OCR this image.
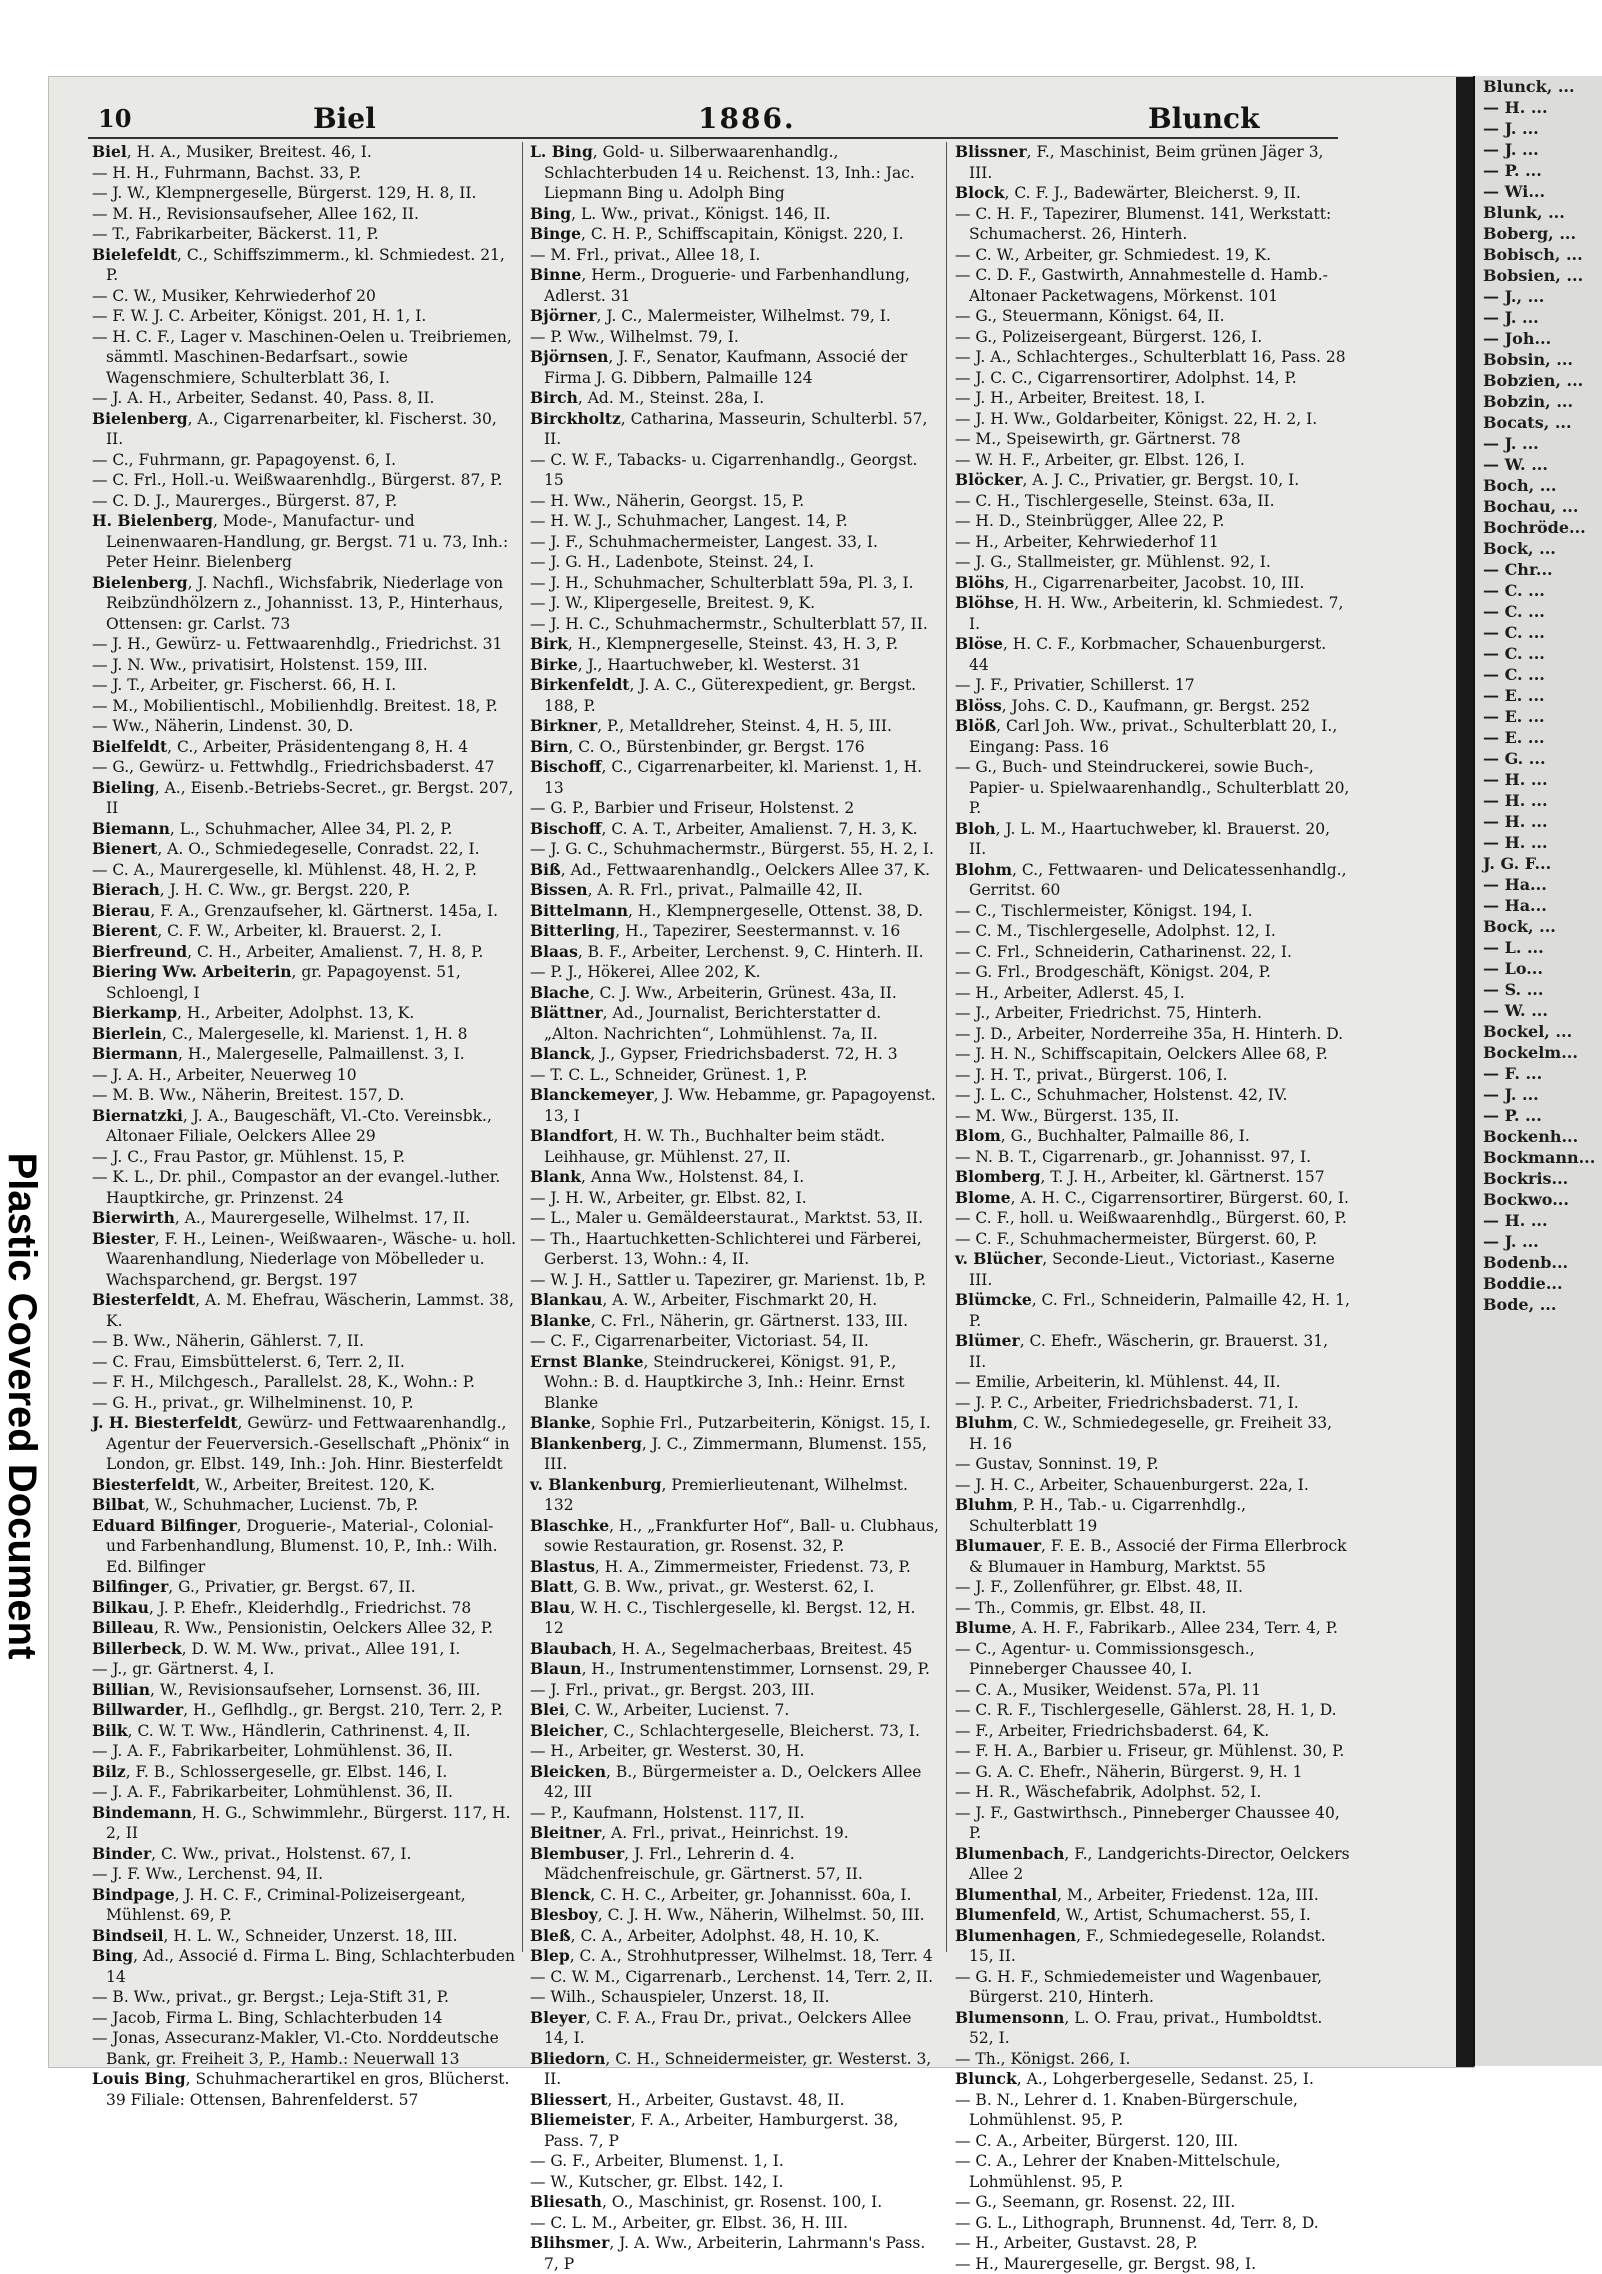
Plastic Covered Document
10	Biel	1886.	Blunck

Biel, H. A., Musiker, Breitest. 46, I.

— H. H., Fuhrmann, Bachst. 33, P.

— J. W., Klempnergeselle, Bürgerst. 129, H. 8, II.

— M. H., Revisionsaufseher, Allee 162, II.

— T., Fabrikarbeiter, Bäckerst. 11, P.

Bielefeldt, C., Schiffszimmerm., kl. Schmiedest. 21, P.

— C. W., Musiker, Kehrwiederhof 20

— F. W. J. C. Arbeiter, Königst. 201, H. 1, I.

— H. C. F., Lager v. Maschinen-Oelen u. Treibriemen, sämmtl. Maschinen-Bedarfsart., sowie Wagenschmiere, Schulterblatt 36, I.

— J. A. H., Arbeiter, Sedanst. 40, Pass. 8, II.

Bielenberg, A., Cigarrenarbeiter, kl. Fischerst. 30, II.

— C., Fuhrmann, gr. Papagoyenst. 6, I.

— C. Frl., Holl.-u. Weißwaarenhdlg., Bürgerst. 87, P.

— C. D. J., Maurerges., Bürgerst. 87, P.

H. Bielenberg, Mode-, Manufactur- und Leinenwaaren-Handlung, gr. Bergst. 71 u. 73, Inh.: Peter Heinr. Bielenberg

Bielenberg, J. Nachfl., Wichsfabrik, Niederlage von Reibzündhölzern z., Johannisst. 13, P., Hinterhaus, Ottensen: gr. Carlst. 73

— J. H., Gewürz- u. Fettwaarenhdlg., Friedrichst. 31

— J. N. Ww., privatisirt, Holstenst. 159, III.

— J. T., Arbeiter, gr. Fischerst. 66, H. I.

— M., Mobilientischl., Mobilienhdlg. Breitest. 18, P.

— Ww., Näherin, Lindenst. 30, D.

Bielfeldt, C., Arbeiter, Präsidentengang 8, H. 4

— G., Gewürz- u. Fettwhdlg., Friedrichsbaderst. 47

Bieling, A., Eisenb.-Betriebs-Secret., gr. Bergst. 207, II

Biemann, L., Schuhmacher, Allee 34, Pl. 2, P.

Bienert, A. O., Schmiedegeselle, Conradst. 22, I.

— C. A., Maurergeselle, kl. Mühlenst. 48, H. 2, P.

Bierach, J. H. C. Ww., gr. Bergst. 220, P.

Bierau, F. A., Grenzaufseher, kl. Gärtnerst. 145a, I.

Bierent, C. F. W., Arbeiter, kl. Brauerst. 2, I.

Bierfreund, C. H., Arbeiter, Amalienst. 7, H. 8, P.

Biering Ww. Arbeiterin, gr. Papagoyenst. 51, Schloengl, I

Bierkamp, H., Arbeiter, Adolphst. 13, K.

Bierlein, C., Malergeselle, kl. Marienst. 1, H. 8

Biermann, H., Malergeselle, Palmaillenst. 3, I.

— J. A. H., Arbeiter, Neuerweg 10

— M. B. Ww., Näherin, Breitest. 157, D.

Biernatzki, J. A., Baugeschäft, Vl.-Cto. Vereinsbk., Altonaer Filiale, Oelckers Allee 29

— J. C., Frau Pastor, gr. Mühlenst. 15, P.

— K. L., Dr. phil., Compastor an der evangel.-luther. Hauptkirche, gr. Prinzenst. 24

Bierwirth, A., Maurergeselle, Wilhelmst. 17, II.

Biester, F. H., Leinen-, Weißwaaren-, Wäsche- u. holl. Waarenhandlung, Niederlage von Möbelleder u. Wachsparchend, gr. Bergst. 197

Biesterfeldt, A. M. Ehefrau, Wäscherin, Lammst. 38, K.

— B. Ww., Näherin, Gählerst. 7, II.

— C. Frau, Eimsbüttelerst. 6, Terr. 2, II.

— F. H., Milchgesch., Parallelst. 28, K., Wohn.: P.

— G. H., privat., gr. Wilhelminenst. 10, P.

J. H. Biesterfeldt, Gewürz- und Fettwaarenhandlg., Agentur der Feuerversich.-Gesellschaft „Phönix“ in London, gr. Elbst. 149, Inh.: Joh. Hinr. Biesterfeldt

Biesterfeldt, W., Arbeiter, Breitest. 120, K.

Bilbat, W., Schuhmacher, Lucienst. 7b, P.

Eduard Bilfinger, Droguerie-, Material-, Colonial- und Farbenhandlung, Blumenst. 10, P., Inh.: Wilh. Ed. Bilfinger

Bilfinger, G., Privatier, gr. Bergst. 67, II.

Bilkau, J. P. Ehefr., Kleiderhdlg., Friedrichst. 78

Billeau, R. Ww., Pensionistin, Oelckers Allee 32, P.

Billerbeck, D. W. M. Ww., privat., Allee 191, I.

— J., gr. Gärtnerst. 4, I.

Billian, W., Revisionsaufseher, Lornsenst. 36, III.

Billwarder, H., Geflhdlg., gr. Bergst. 210, Terr. 2, P.

Bilk, C. W. T. Ww., Händlerin, Cathrinenst. 4, II.

— J. A. F., Fabrikarbeiter, Lohmühlenst. 36, II.

Bilz, F. B., Schlossergeselle, gr. Elbst. 146, I.

— J. A. F., Fabrikarbeiter, Lohmühlenst. 36, II.

Bindemann, H. G., Schwimmlehr., Bürgerst. 117, H. 2, II

Binder, C. Ww., privat., Holstenst. 67, I.

— J. F. Ww., Lerchenst. 94, II.

Bindpage, J. H. C. F., Criminal-Polizeisergeant, Mühlenst. 69, P.

Bindseil, H. L. W., Schneider, Unzerst. 18, III.

Bing, Ad., Associé d. Firma L. Bing, Schlachterbuden 14

— B. Ww., privat., gr. Bergst.; Leja-Stift 31, P.

— Jacob, Firma L. Bing, Schlachterbuden 14

— Jonas, Assecuranz-Makler, Vl.-Cto. Norddeutsche Bank, gr. Freiheit 3, P., Hamb.: Neuerwall 13

Louis Bing, Schuhmacherartikel en gros, Blücherst. 39 Filiale: Ottensen, Bahrenfelderst. 57

L. Bing, Gold- u. Silberwaarenhandlg., Schlachterbuden 14 u. Reichenst. 13, Inh.: Jac. Liepmann Bing u. Adolph Bing

Bing, L. Ww., privat., Königst. 146, II.

Binge, C. H. P., Schiffscapitain, Königst. 220, I.

— M. Frl., privat., Allee 18, I.

Binne, Herm., Droguerie- und Farbenhandlung, Adlerst. 31

Björner, J. C., Malermeister, Wilhelmst. 79, I.

— P. Ww., Wilhelmst. 79, I.

Björnsen, J. F., Senator, Kaufmann, Associé der Firma J. G. Dibbern, Palmaille 124

Birch, Ad. M., Steinst. 28a, I.

Birckholtz, Catharina, Masseurin, Schulterbl. 57, II.

— C. W. F., Tabacks- u. Cigarrenhandlg., Georgst. 15

— H. Ww., Näherin, Georgst. 15, P.

— H. W. J., Schuhmacher, Langest. 14, P.

— J. F., Schuhmachermeister, Langest. 33, I.

— J. G. H., Ladenbote, Steinst. 24, I.

— J. H., Schuhmacher, Schulterblatt 59a, Pl. 3, I.

— J. W., Klipergeselle, Breitest. 9, K.

— J. H. C., Schuhmachermstr., Schulterblatt 57, II.

Birk, H., Klempnergeselle, Steinst. 43, H. 3, P.

Birke, J., Haartuchweber, kl. Westerst. 31

Birkenfeldt, J. A. C., Güterexpedient, gr. Bergst. 188, P.

Birkner, P., Metalldreher, Steinst. 4, H. 5, III.

Birn, C. O., Bürstenbinder, gr. Bergst. 176

Bischoff, C., Cigarrenarbeiter, kl. Marienst. 1, H. 13

— G. P., Barbier und Friseur, Holstenst. 2

Bischoff, C. A. T., Arbeiter, Amalienst. 7, H. 3, K.

— J. G. C., Schuhmachermstr., Bürgerst. 55, H. 2, I.

Biß, Ad., Fettwaarenhandlg., Oelckers Allee 37, K.

Bissen, A. R. Frl., privat., Palmaille 42, II.

Bittelmann, H., Klempnergeselle, Ottenst. 38, D.

Bitterling, H., Tapezirer, Seestermannst. v. 16

Blaas, B. F., Arbeiter, Lerchenst. 9, C. Hinterh. II.

— P. J., Hökerei, Allee 202, K.

Blache, C. J. Ww., Arbeiterin, Grünest. 43a, II.

Blättner, Ad., Journalist, Berichterstatter d. „Alton. Nachrichten“, Lohmühlenst. 7a, II.

Blanck, J., Gypser, Friedrichsbaderst. 72, H. 3

— T. C. L., Schneider, Grünest. 1, P.

Blanckemeyer, J. Ww. Hebamme, gr. Papagoyenst. 13, I

Blandfort, H. W. Th., Buchhalter beim städt. Leihhause, gr. Mühlenst. 27, II.

Blank, Anna Ww., Holstenst. 84, I.

— J. H. W., Arbeiter, gr. Elbst. 82, I.

— L., Maler u. Gemäldeerstaurat., Marktst. 53, II.

— Th., Haartuchketten-Schlichterei und Färberei, Gerberst. 13, Wohn.: 4, II.

— W. J. H., Sattler u. Tapezirer, gr. Marienst. 1b, P.

Blankau, A. W., Arbeiter, Fischmarkt 20, H.

Blanke, C. Frl., Näherin, gr. Gärtnerst. 133, III.

— C. F., Cigarrenarbeiter, Victoriast. 54, II.

Ernst Blanke, Steindruckerei, Königst. 91, P., Wohn.: B. d. Hauptkirche 3, Inh.: Heinr. Ernst Blanke

Blanke, Sophie Frl., Putzarbeiterin, Königst. 15, I.

Blankenberg, J. C., Zimmermann, Blumenst. 155, III.

v. Blankenburg, Premierlieutenant, Wilhelmst. 132

Blaschke, H., „Frankfurter Hof“, Ball- u. Clubhaus, sowie Restauration, gr. Rosenst. 32, P.

Blastus, H. A., Zimmermeister, Friedenst. 73, P.

Blatt, G. B. Ww., privat., gr. Westerst. 62, I.

Blau, W. H. C., Tischlergeselle, kl. Bergst. 12, H. 12

Blaubach, H. A., Segelmacherbaas, Breitest. 45

Blaun, H., Instrumentenstimmer, Lornsenst. 29, P.

— J. Frl., privat., gr. Bergst. 203, III.

Blei, C. W., Arbeiter, Lucienst. 7.

Bleicher, C., Schlachtergeselle, Bleicherst. 73, I.

— H., Arbeiter, gr. Westerst. 30, H.

Bleicken, B., Bürgermeister a. D., Oelckers Allee 42, III

— P., Kaufmann, Holstenst. 117, II.

Bleitner, A. Frl., privat., Heinrichst. 19.

Blembuser, J. Frl., Lehrerin d. 4. Mädchenfreischule, gr. Gärtnerst. 57, II.

Blenck, C. H. C., Arbeiter, gr. Johannisst. 60a, I.

Blesboy, C. J. H. Ww., Näherin, Wilhelmst. 50, III.

Bleß, C. A., Arbeiter, Adolphst. 48, H. 10, K.

Blep, C. A., Strohhutpresser, Wilhelmst. 18, Terr. 4

— C. W. M., Cigarrenarb., Lerchenst. 14, Terr. 2, II.

— Wilh., Schauspieler, Unzerst. 18, II.

Bleyer, C. F. A., Frau Dr., privat., Oelckers Allee 14, I.

Bliedorn, C. H., Schneidermeister, gr. Westerst. 3, II.

Bliessert, H., Arbeiter, Gustavst. 48, II.

Bliemeister, F. A., Arbeiter, Hamburgerst. 38, Pass. 7, P

— G. F., Arbeiter, Blumenst. 1, I.

— W., Kutscher, gr. Elbst. 142, I.

Bliesath, O., Maschinist, gr. Rosenst. 100, I.

— C. L. M., Arbeiter, gr. Elbst. 36, H. III.

Blihsmer, J. A. Ww., Arbeiterin, Lahrmann's Pass. 7, P

Blissner, F., Maschinist, Beim grünen Jäger 3, III.

Block, C. F. J., Badewärter, Bleicherst. 9, II.

— C. H. F., Tapezirer, Blumenst. 141, Werkstatt: Schumacherst. 26, Hinterh.

— C. W., Arbeiter, gr. Schmiedest. 19, K.

— C. D. F., Gastwirth, Annahmestelle d. Hamb.-Altonaer Packetwagens, Mörkenst. 101

— G., Steuermann, Königst. 64, II.

— G., Polizeisergeant, Bürgerst. 126, I.

— J. A., Schlachterges., Schulterblatt 16, Pass. 28

— J. C. C., Cigarrensortirer, Adolphst. 14, P.

— J. H., Arbeiter, Breitest. 18, I.

— J. H. Ww., Goldarbeiter, Königst. 22, H. 2, I.

— M., Speisewirth, gr. Gärtnerst. 78

— W. H. F., Arbeiter, gr. Elbst. 126, I.

Blöcker, A. J. C., Privatier, gr. Bergst. 10, I.

— C. H., Tischlergeselle, Steinst. 63a, II.

— H. D., Steinbrügger, Allee 22, P.

— H., Arbeiter, Kehrwiederhof 11

— J. G., Stallmeister, gr. Mühlenst. 92, I.

Blöhs, H., Cigarrenarbeiter, Jacobst. 10, III.

Blöhse, H. H. Ww., Arbeiterin, kl. Schmiedest. 7, I.

Blöse, H. C. F., Korbmacher, Schauenburgerst. 44

— J. F., Privatier, Schillerst. 17

Blöss, Johs. C. D., Kaufmann, gr. Bergst. 252

Blöß, Carl Joh. Ww., privat., Schulterblatt 20, I., Eingang: Pass. 16

— G., Buch- und Steindruckerei, sowie Buch-, Papier- u. Spielwaarenhandlg., Schulterblatt 20, P.

Bloh, J. L. M., Haartuchweber, kl. Brauerst. 20, II.

Blohm, C., Fettwaaren- und Delicatessenhandlg., Gerritst. 60

— C., Tischlermeister, Königst. 194, I.

— C. M., Tischlergeselle, Adolphst. 12, I.

— C. Frl., Schneiderin, Catharinenst. 22, I.

— G. Frl., Brodgeschäft, Königst. 204, P.

— H., Arbeiter, Adlerst. 45, I.

— J., Arbeiter, Friedrichst. 75, Hinterh.

— J. D., Arbeiter, Norderreihe 35a, H. Hinterh. D.

— J. H. N., Schiffscapitain, Oelckers Allee 68, P.

— J. H. T., privat., Bürgerst. 106, I.

— J. L. C., Schuhmacher, Holstenst. 42, IV.

— M. Ww., Bürgerst. 135, II.

Blom, G., Buchhalter, Palmaille 86, I.

— N. B. T., Cigarrenarb., gr. Johannisst. 97, I.

Blomberg, T. J. H., Arbeiter, kl. Gärtnerst. 157

Blome, A. H. C., Cigarrensortirer, Bürgerst. 60, I.

— C. F., holl. u. Weißwaarenhdlg., Bürgerst. 60, P.

— C. F., Schuhmachermeister, Bürgerst. 60, P.

v. Blücher, Seconde-Lieut., Victoriast., Kaserne III.

Blümcke, C. Frl., Schneiderin, Palmaille 42, H. 1, P.

Blümer, C. Ehefr., Wäscherin, gr. Brauerst. 31, II.

— Emilie, Arbeiterin, kl. Mühlenst. 44, II.

— J. P. C., Arbeiter, Friedrichsbaderst. 71, I.

Bluhm, C. W., Schmiedegeselle, gr. Freiheit 33, H. 16

— Gustav, Sonninst. 19, P.

— J. H. C., Arbeiter, Schauenburgerst. 22a, I.

Bluhm, P. H., Tab.- u. Cigarrenhdlg., Schulterblatt 19

Blumauer, F. E. B., Associé der Firma Ellerbrock & Blumauer in Hamburg, Marktst. 55

— J. F., Zollenführer, gr. Elbst. 48, II.

— Th., Commis, gr. Elbst. 48, II.

Blume, A. H. F., Fabrikarb., Allee 234, Terr. 4, P.

— C., Agentur- u. Commissionsgesch., Pinneberger Chaussee 40, I.

— C. A., Musiker, Weidenst. 57a, Pl. 11

— C. R. F., Tischlergeselle, Gählerst. 28, H. 1, D.

— F., Arbeiter, Friedrichsbaderst. 64, K.

— F. H. A., Barbier u. Friseur, gr. Mühlenst. 30, P.

— G. A. C. Ehefr., Näherin, Bürgerst. 9, H. 1

— H. R., Wäschefabrik, Adolphst. 52, I.

— J. F., Gastwirthsch., Pinneberger Chaussee 40, P.

Blumenbach, F., Landgerichts-Director, Oelckers Allee 2

Blumenthal, M., Arbeiter, Friedenst. 12a, III.

Blumenfeld, W., Artist, Schumacherst. 55, I.

Blumenhagen, F., Schmiedegeselle, Rolandst. 15, II.

— G. H. F., Schmiedemeister und Wagenbauer, Bürgerst. 210, Hinterh.

Blumensonn, L. O. Frau, privat., Humboldtst. 52, I.

— Th., Königst. 266, I.

Blunck, A., Lohgerbergeselle, Sedanst. 25, I.

— B. N., Lehrer d. 1. Knaben-Bürgerschule, Lohmühlenst. 95, P.

— C. A., Arbeiter, Bürgerst. 120, III.

— C. A., Lehrer der Knaben-Mittelschule, Lohmühlenst. 95, P.

— G., Seemann, gr. Rosenst. 22, III.

— G. L., Lithograph, Brunnenst. 4d, Terr. 8, D.

— H., Arbeiter, Gustavst. 28, P.

— H., Maurergeselle, gr. Bergst. 98, I.

Blunck, ...
— H. ...
— J. ...
— J. ...
— P. ...
— Wi...
Blunk, ...
Boberg, ...
Bobisch, ...
Bobsien, ...
— J., ...
— J. ...
— Joh...
Bobsin, ...
Bobzien, ...
Bobzin, ...
Bocats, ...
— J. ...
— W. ...
Boch, ...
Bochau, ...
Bochröde...
Bock, ...
— Chr...
— C. ...
— C. ...
— C. ...
— C. ...
— C. ...
— E. ...
— E. ...
— E. ...
— G. ...
— H. ...
— H. ...
— H. ...
— H. ...
J. G. F...
— Ha...
— Ha...
Bock, ...
— L. ...
— Lo...
— S. ...
— W. ...
Bockel, ...
Bockelm...
— F. ...
— J. ...
— P. ...
Bockenh...
Bockmann...
Bockris...
Bockwo...
— H. ...
— J. ...
Bodenb...
Boddie...
Bode, ...
